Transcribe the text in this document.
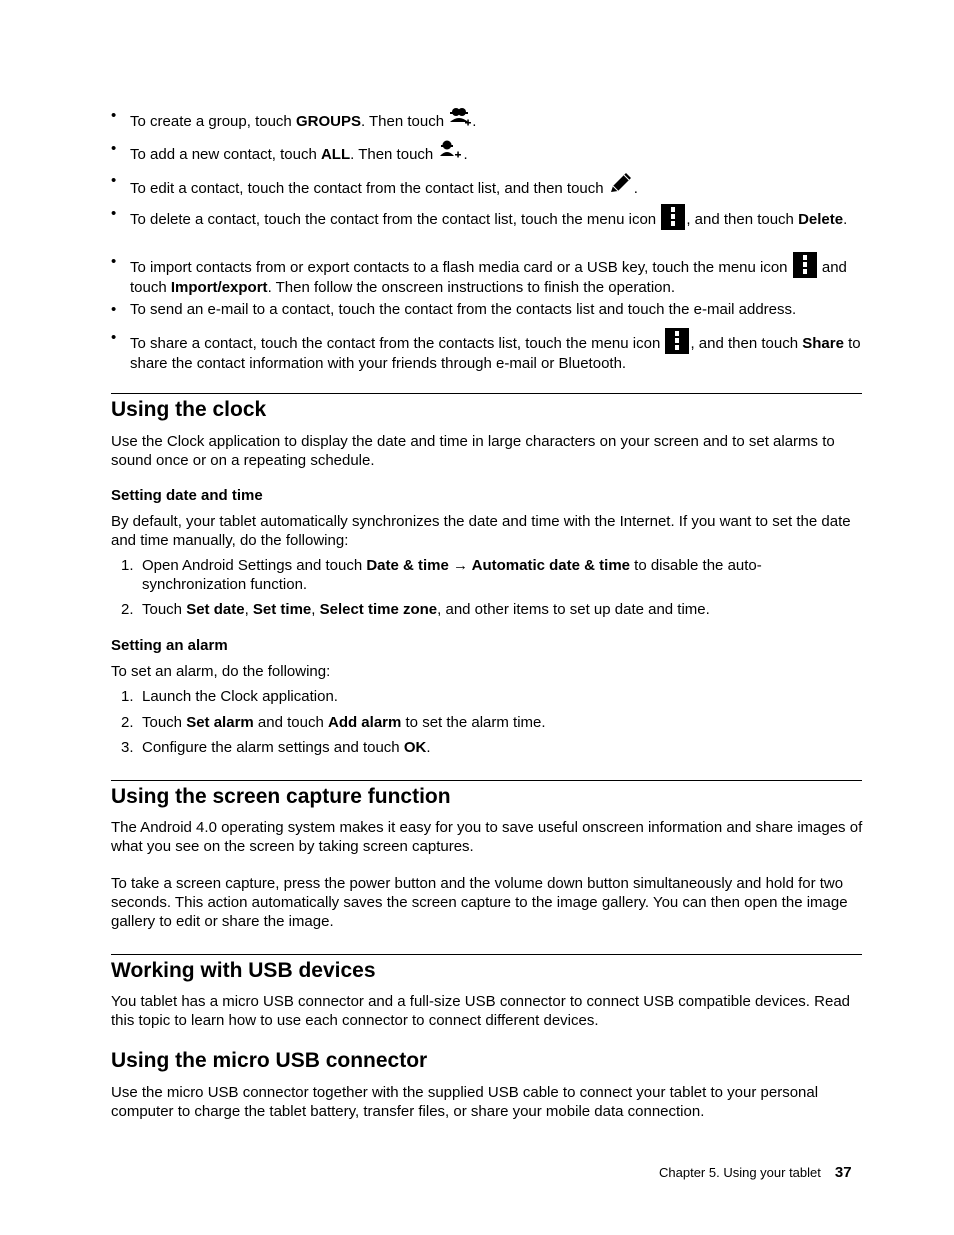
• To create a group, touch GROUPS. Then touch .
• To add a new contact, touch ALL. Then touch .
• To edit a contact, touch the contact from the contact list, and then touch .
• To delete a contact, touch the contact from the contact list, touch the menu icon
, and then touch Delete.
• To import contacts from or export contacts to a flash media card or a USB key, touch the menu icon
and touch Import/export. Then follow the onscreen instructions to finish the operation.
• To send an e-mail to a contact, touch the contact from the contacts list and touch the e-mail address.
• To share a contact, touch the contact from the contacts list, touch the menu icon
, and then touch Share to share the contact information with your friends through e-mail or Bluetooth.
Using the clock

Use the Clock application to display the date and time in large characters on your screen and to set alarms to sound once or on a repeating schedule.

Setting date and time

By default, your tablet automatically synchronizes the date and time with the Internet. If you want to set the date and time manually, do the following:

1. Open Android Settings and touch Date & time → Automatic date & time to disable the auto-synchronization function.
2. Touch Set date, Set time, Select time zone, and other items to set up date and time.
Setting an alarm

To set an alarm, do the following:

1. Launch the Clock application.
2. Touch Set alarm and touch Add alarm to set the alarm time.
3. Configure the alarm settings and touch OK.
Using the screen capture function

The Android 4.0 operating system makes it easy for you to save useful onscreen information and share images of what you see on the screen by taking screen captures.

To take a screen capture, press the power button and the volume down button simultaneously and hold for two seconds. This action automatically saves the screen capture to the image gallery. You can then open the image gallery to edit or share the image.

Working with USB devices

You tablet has a micro USB connector and a full-size USB connector to connect USB compatible devices. Read this topic to learn how to use each connector to connect different devices.

Using the micro USB connector

Use the micro USB connector together with the supplied USB cable to connect your tablet to your personal computer to charge the tablet battery, transfer files, or share your mobile data connection.

Chapter 5. Using your tablet 37
